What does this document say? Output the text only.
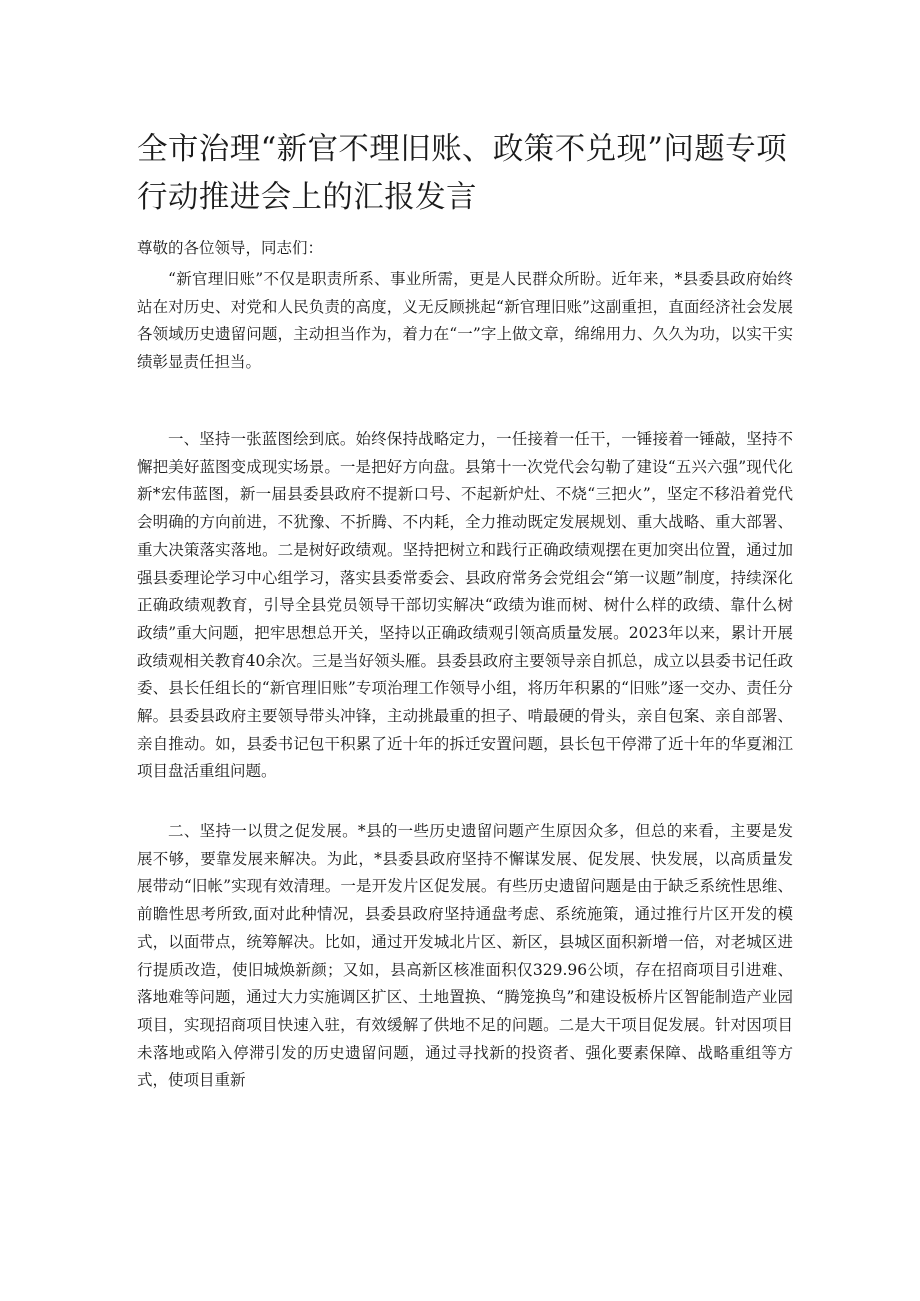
全市治理“新官不理旧账、政策不兑现”问题专项行动推进会上的汇报发言

尊敬的各位领导，同志们：

“新官理旧账”不仅是职责所系、事业所需，更是人民群众所盼。近年来，*县委县政府始终站在对历史、对党和人民负责的高度，义无反顾挑起“新官理旧账”这副重担，直面经济社会发展各领域历史遗留问题，主动担当作为，着力在“一”字上做文章，绵绵用力、久久为功，以实干实绩彰显责任担当。

一、坚持一张蓝图绘到底。始终保持战略定力，一任接着一任干，一锤接着一锤敲，坚持不懈把美好蓝图变成现实场景。一是把好方向盘。县第十一次党代会勾勒了建设“五兴六强”现代化新*宏伟蓝图，新一届县委县政府不提新口号、不起新炉灶、不烧“三把火”，坚定不移沿着党代会明确的方向前进，不犹豫、不折腾、不内耗，全力推动既定发展规划、重大战略、重大部署、重大决策落实落地。二是树好政绩观。坚持把树立和践行正确政绩观摆在更加突出位置，通过加强县委理论学习中心组学习，落实县委常委会、县政府常务会党组会“第一议题”制度，持续深化正确政绩观教育，引导全县党员领导干部切实解决“政绩为谁而树、树什么样的政绩、靠什么树政绩”重大问题，把牢思想总开关，坚持以正确政绩观引领高质量发展。2023年以来，累计开展政绩观相关教育40余次。三是当好领头雁。县委县政府主要领导亲自抓总，成立以县委书记任政委、县长任组长的“新官理旧账”专项治理工作领导小组，将历年积累的“旧账”逐一交办、责任分解。县委县政府主要领导带头冲锋，主动挑最重的担子、啃最硬的骨头，亲自包案、亲自部署、亲自推动。如，县委书记包干积累了近十年的拆迁安置问题，县长包干停滞了近十年的华夏湘江项目盘活重组问题。

二、坚持一以贯之促发展。*县的一些历史遗留问题产生原因众多，但总的来看，主要是发展不够，要靠发展来解决。为此，*县委县政府坚持不懈谋发展、促发展、快发展，以高质量发展带动“旧帐”实现有效清理。一是开发片区促发展。有些历史遗留问题是由于缺乏系统性思维、前瞻性思考所致,面对此种情况，县委县政府坚持通盘考虑、系统施策，通过推行片区开发的模式，以面带点，统筹解决。比如，通过开发城北片区、新区，县城区面积新增一倍，对老城区进行提质改造，使旧城焕新颜；又如，县高新区核准面积仅329.96公顷，存在招商项目引进难、落地难等问题，通过大力实施调区扩区、土地置换、“腾笼换鸟”和建设板桥片区智能制造产业园项目，实现招商项目快速入驻，有效缓解了供地不足的问题。二是大干项目促发展。针对因项目未落地或陷入停滞引发的历史遗留问题，通过寻找新的投资者、强化要素保障、战略重组等方式，使项目重新
